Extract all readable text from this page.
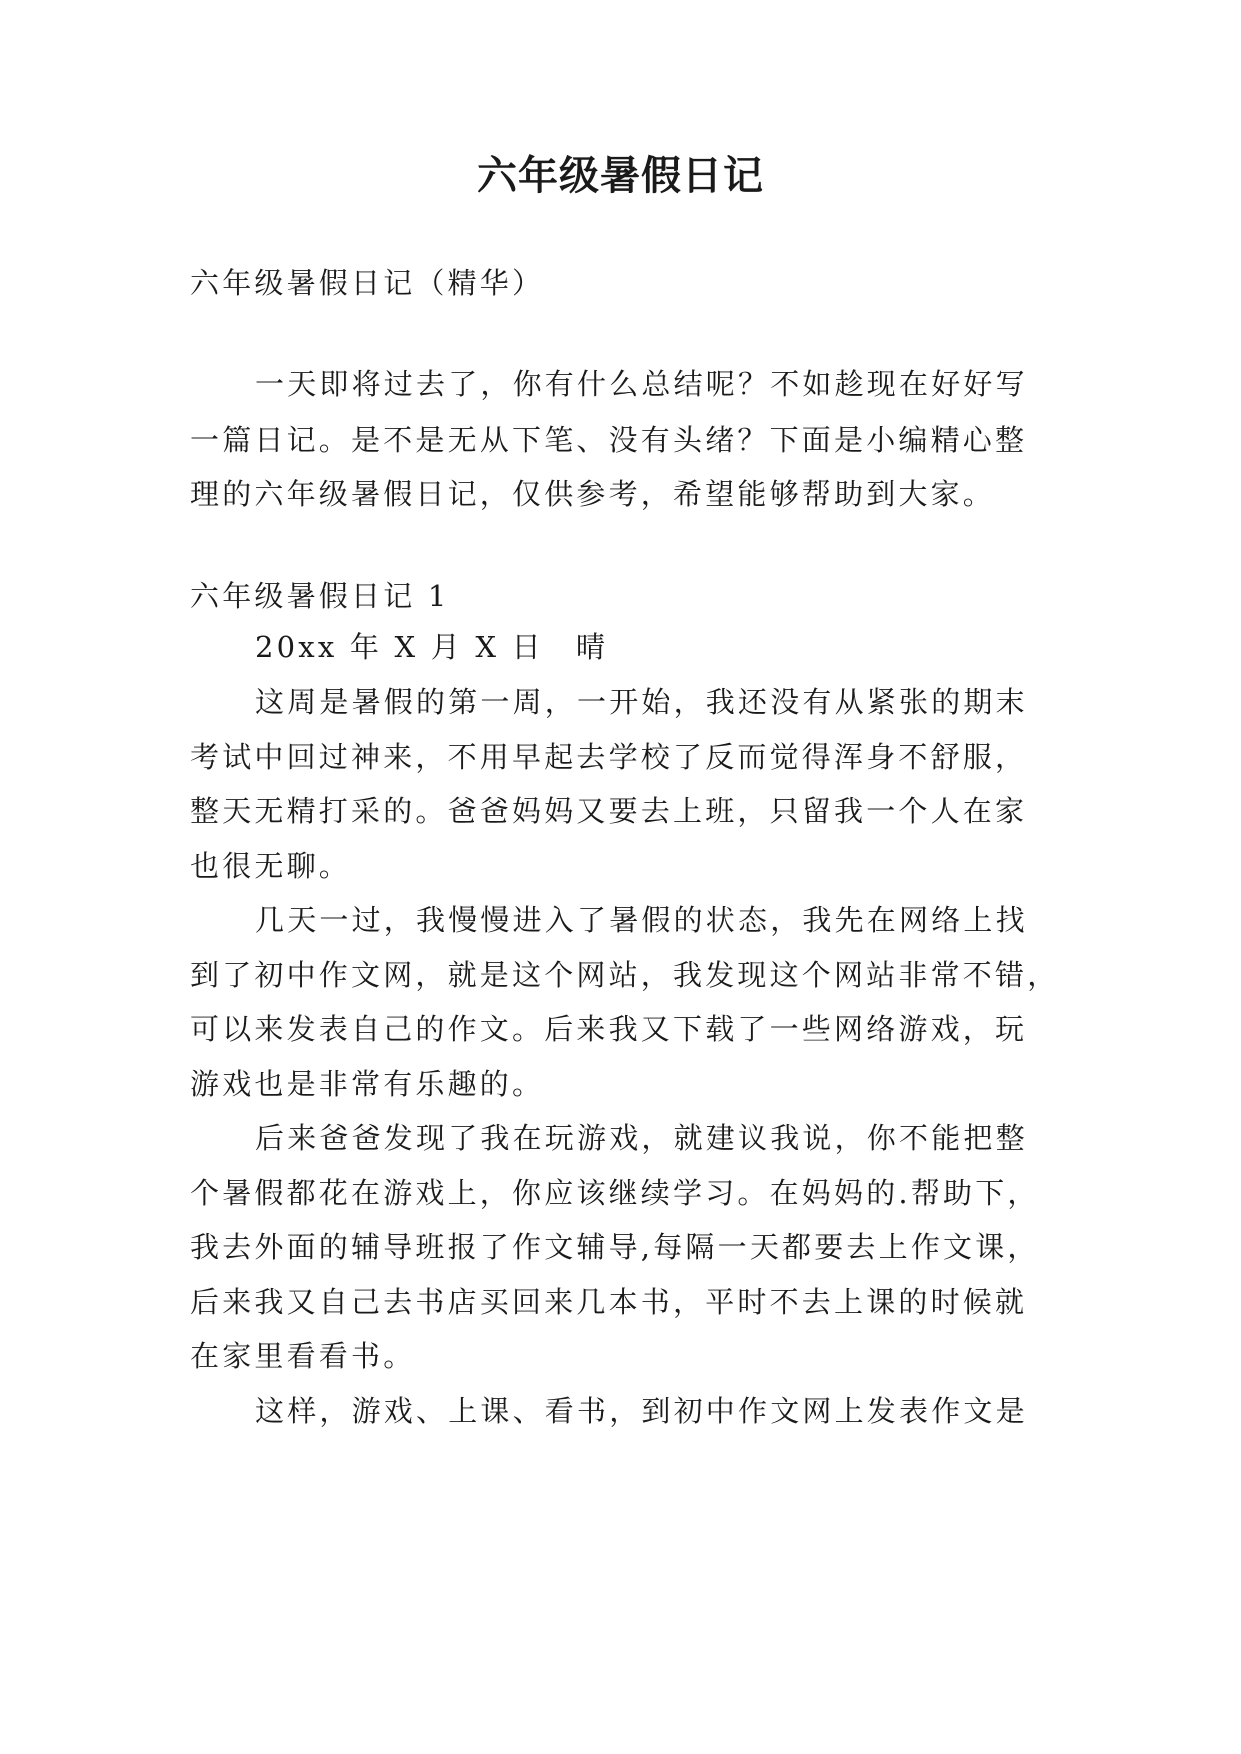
六年级暑假日记
六年级暑假日记（精华）
一天即将过去了，你有什么总结呢？不如趁现在好好写
一篇日记。是不是无从下笔、没有头绪？下面是小编精心整
理的六年级暑假日记，仅供参考，希望能够帮助到大家。
六年级暑假日记 1
20xx 年 X 月 X 日　晴
这周是暑假的第一周，一开始，我还没有从紧张的期末
考试中回过神来，不用早起去学校了反而觉得浑身不舒服，
整天无精打采的。爸爸妈妈又要去上班，只留我一个人在家
也很无聊。
几天一过，我慢慢进入了暑假的状态，我先在网络上找
到了初中作文网，就是这个网站，我发现这个网站非常不错，
可以来发表自己的作文。后来我又下载了一些网络游戏，玩
游戏也是非常有乐趣的。
后来爸爸发现了我在玩游戏，就建议我说，你不能把整
个暑假都花在游戏上，你应该继续学习。在妈妈的.帮助下，
我去外面的辅导班报了作文辅导,每隔一天都要去上作文课，
后来我又自己去书店买回来几本书，平时不去上课的时候就
在家里看看书。
这样，游戏、上课、看书，到初中作文网上发表作文是
